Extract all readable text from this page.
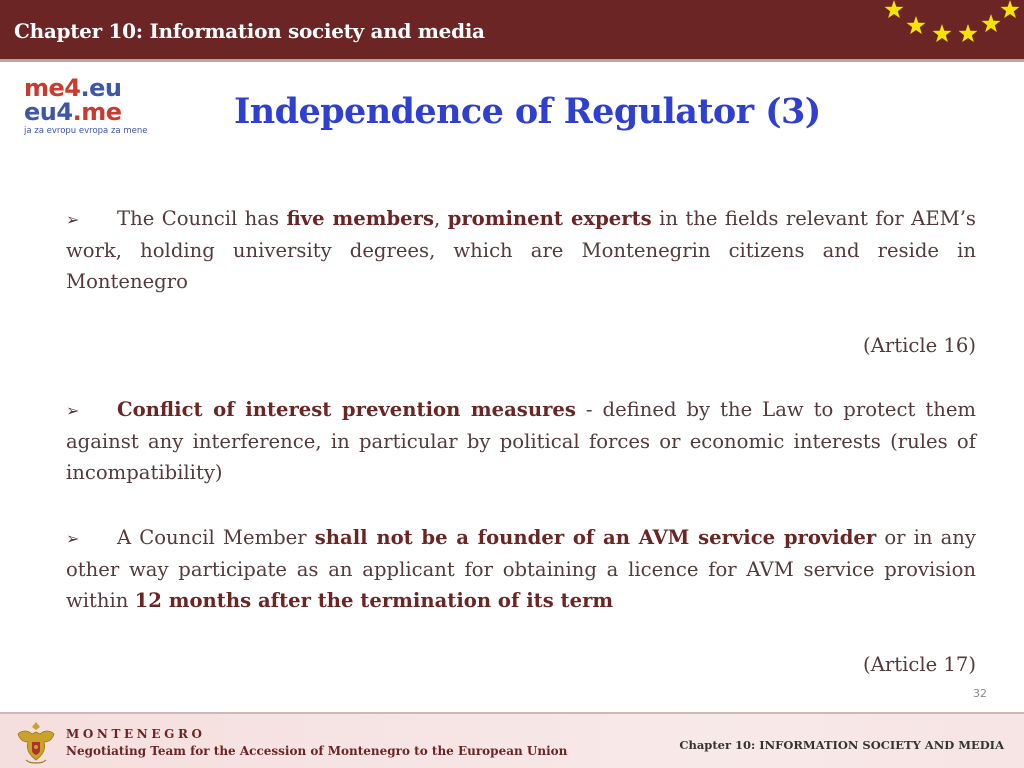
Chapter 10: Information society and media
me4.eu
eu4.me
ja za evropu evropa za mene Independence of Regulator (3)

➢ The Council has five members, prominent experts in the fields relevant for AEM’s work, holding university degrees, which are Montenegrin citizens and reside in Montenegro

(Article 16)

➢ Conflict of interest prevention measures - defined by the Law to protect them against any interference, in particular by political forces or economic interests (rules of incompatibility)

➢ A Council Member shall not be a founder of an AVM service provider or in any other way participate as an applicant for obtaining a licence for AVM service provision within 12 months after the termination of its term

(Article 17)

32
MONTENEGRO
Negotiating Team for the Accession of Montenegro to the European Union	Chapter 10: INFORMATION SOCIETY AND MEDIA
